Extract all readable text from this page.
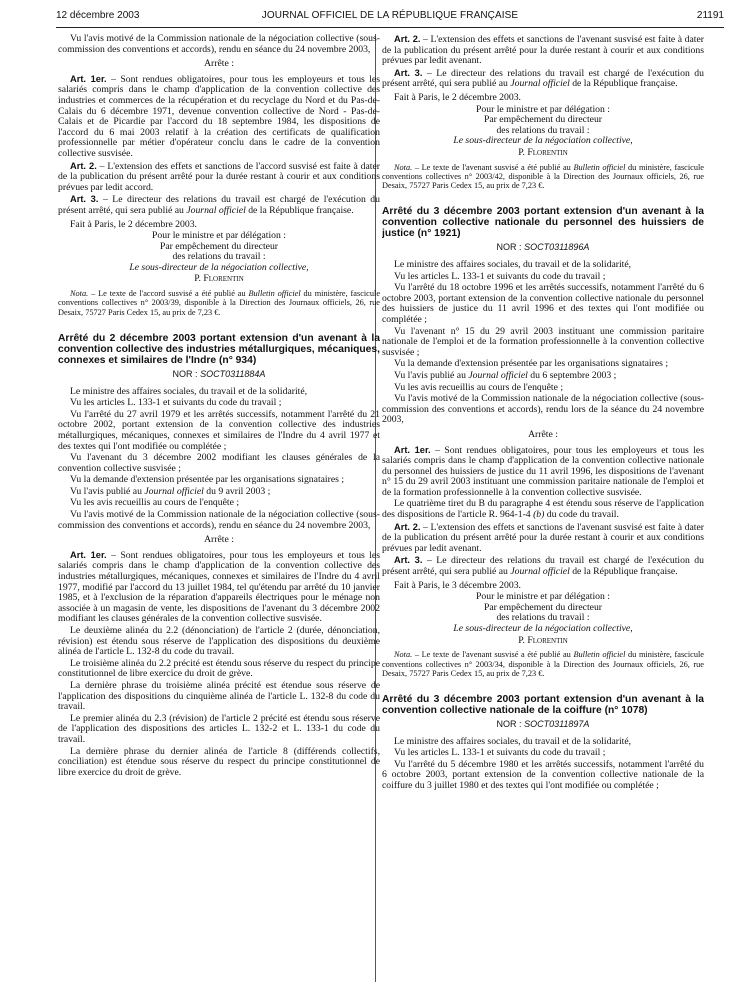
12 décembre 2003	JOURNAL OFFICIEL DE LA RÉPUBLIQUE FRANÇAISE	21191

Vu l'avis motivé de la Commission nationale de la négociation collective (sous-commission des conventions et accords), rendu en séance du 24 novembre 2003,

Arrête :

Art. 1er. – Sont rendues obligatoires, pour tous les employeurs et tous les salariés compris dans le champ d'application de la convention collective des industries et commerces de la récupération et du recyclage du Nord et du Pas-de-Calais du 6 décembre 1971, devenue convention collective de Nord - Pas-de-Calais et de Picardie par l'accord du 18 septembre 1984, les dispositions de l'accord du 6 mai 2003 relatif à la création des certificats de qualification professionnelle par métier d'opérateur conclu dans le cadre de la convention collective susvisée.

Art. 2. – L'extension des effets et sanctions de l'accord susvisé est faite à dater de la publication du présent arrêté pour la durée restant à courir et aux conditions prévues par ledit accord.

Art. 3. – Le directeur des relations du travail est chargé de l'exécution du présent arrêté, qui sera publié au Journal officiel de la République française.

Fait à Paris, le 2 décembre 2003.

Pour le ministre et par délégation :

Par empêchement du directeur

des relations du travail :

Le sous-directeur de la négociation collective,

P. Florentin

Nota. – Le texte de l'accord susvisé a été publié au Bulletin officiel du ministère, fascicule conventions collectives n° 2003/39, disponible à la Direction des Journaux officiels, 26, rue Desaix, 75727 Paris Cedex 15, au prix de 7,23 €.

Arrêté du 2 décembre 2003 portant extension d'un avenant à la convention collective des industries métallurgiques, mécaniques, connexes et similaires de l'Indre (n° 934)

NOR : SOCT0311884A

Le ministre des affaires sociales, du travail et de la solidarité,

Vu les articles L. 133-1 et suivants du code du travail ;

Vu l'arrêté du 27 avril 1979 et les arrêtés successifs, notamment l'arrêté du 21 octobre 2002, portant extension de la convention collective des industries métallurgiques, mécaniques, connexes et similaires de l'Indre du 4 avril 1977 et des textes qui l'ont modifiée ou complétée ;

Vu l'avenant du 3 décembre 2002 modifiant les clauses générales de la convention collective susvisée ;

Vu la demande d'extension présentée par les organisations signataires ;

Vu l'avis publié au Journal officiel du 9 avril 2003 ;

Vu les avis recueillis au cours de l'enquête ;

Vu l'avis motivé de la Commission nationale de la négociation collective (sous-commission des conventions et accords), rendu en séance du 24 novembre 2003,

Arrête :

Art. 1er. – Sont rendues obligatoires, pour tous les employeurs et tous les salariés compris dans le champ d'application de la convention collective des industries métallurgiques, mécaniques, connexes et similaires de l'Indre du 4 avril 1977, modifié par l'accord du 13 juillet 1984, tel qu'étendu par arrêté du 10 janvier 1985, et à l'exclusion de la réparation d'appareils électriques pour le ménage non associée à un magasin de vente, les dispositions de l'avenant du 3 décembre 2002 modifiant les clauses générales de la convention collective susvisée.

Le deuxième alinéa du 2.2 (dénonciation) de l'article 2 (durée, dénonciation, révision) est étendu sous réserve de l'application des dispositions du deuxième alinéa de l'article L. 132-8 du code du travail.

Le troisième alinéa du 2.2 précité est étendu sous réserve du respect du principe constitutionnel de libre exercice du droit de grève.

La dernière phrase du troisième alinéa précité est étendue sous réserve de l'application des dispositions du cinquième alinéa de l'article L. 132-8 du code du travail.

Le premier alinéa du 2.3 (révision) de l'article 2 précité est étendu sous réserve de l'application des dispositions des articles L. 132-2 et L. 133-1 du code du travail.

La dernière phrase du dernier alinéa de l'article 8 (différends collectifs, conciliation) est étendue sous réserve du respect du principe constitutionnel de libre exercice du droit de grève.

Art. 2. – L'extension des effets et sanctions de l'avenant susvisé est faite à dater de la publication du présent arrêté pour la durée restant à courir et aux conditions prévues par ledit avenant.

Art. 3. – Le directeur des relations du travail est chargé de l'exécution du présent arrêté, qui sera publié au Journal officiel de la République française.

Fait à Paris, le 2 décembre 2003.

Pour le ministre et par délégation :

Par empêchement du directeur

des relations du travail :

Le sous-directeur de la négociation collective,

P. Florentin

Nota. – Le texte de l'avenant susvisé a été publié au Bulletin officiel du ministère, fascicule conventions collectives n° 2003/42, disponible à la Direction des Journaux officiels, 26, rue Desaix, 75727 Paris Cedex 15, au prix de 7,23 €.

Arrêté du 3 décembre 2003 portant extension d'un avenant à la convention collective nationale du personnel des huissiers de justice (n° 1921)

NOR : SOCT0311896A

Le ministre des affaires sociales, du travail et de la solidarité,

Vu les articles L. 133-1 et suivants du code du travail ;

Vu l'arrêté du 18 octobre 1996 et les arrêtés successifs, notamment l'arrêté du 6 octobre 2003, portant extension de la convention collective nationale du personnel des huissiers de justice du 11 avril 1996 et des textes qui l'ont modifiée ou complétée ;

Vu l'avenant n° 15 du 29 avril 2003 instituant une commission paritaire nationale de l'emploi et de la formation professionnelle à la convention collective susvisée ;

Vu la demande d'extension présentée par les organisations signataires ;

Vu l'avis publié au Journal officiel du 6 septembre 2003 ;

Vu les avis recueillis au cours de l'enquête ;

Vu l'avis motivé de la Commission nationale de la négociation collective (sous-commission des conventions et accords), rendu lors de la séance du 24 novembre 2003,

Arrête :

Art. 1er. – Sont rendues obligatoires, pour tous les employeurs et tous les salariés compris dans le champ d'application de la convention collective nationale du personnel des huissiers de justice du 11 avril 1996, les dispositions de l'avenant n° 15 du 29 avril 2003 instituant une commission paritaire nationale de l'emploi et de la formation professionnelle à la convention collective susvisée.

Le quatrième tiret du B du paragraphe 4 est étendu sous réserve de l'application des dispositions de l'article R. 964-1-4 (b) du code du travail.

Art. 2. – L'extension des effets et sanctions de l'avenant susvisé est faite à dater de la publication du présent arrêté pour la durée restant à courir et aux conditions prévues par ledit avenant.

Art. 3. – Le directeur des relations du travail est chargé de l'exécution du présent arrêté, qui sera publié au Journal officiel de la République française.

Fait à Paris, le 3 décembre 2003.

Pour le ministre et par délégation :

Par empêchement du directeur

des relations du travail :

Le sous-directeur de la négociation collective,

P. Florentin

Nota. – Le texte de l'avenant susvisé a été publié au Bulletin officiel du ministère, fascicule conventions collectives n° 2003/34, disponible à la Direction des Journaux officiels, 26, rue Desaix, 75727 Paris Cedex 15, au prix de 7,23 €.

Arrêté du 3 décembre 2003 portant extension d'un avenant à la convention collective nationale de la coiffure (n° 1078)

NOR : SOCT0311897A

Le ministre des affaires sociales, du travail et de la solidarité,

Vu les articles L. 133-1 et suivants du code du travail ;

Vu l'arrêté du 5 décembre 1980 et les arrêtés successifs, notamment l'arrêté du 6 octobre 2003, portant extension de la convention collective nationale de la coiffure du 3 juillet 1980 et des textes qui l'ont modifiée ou complétée ;
